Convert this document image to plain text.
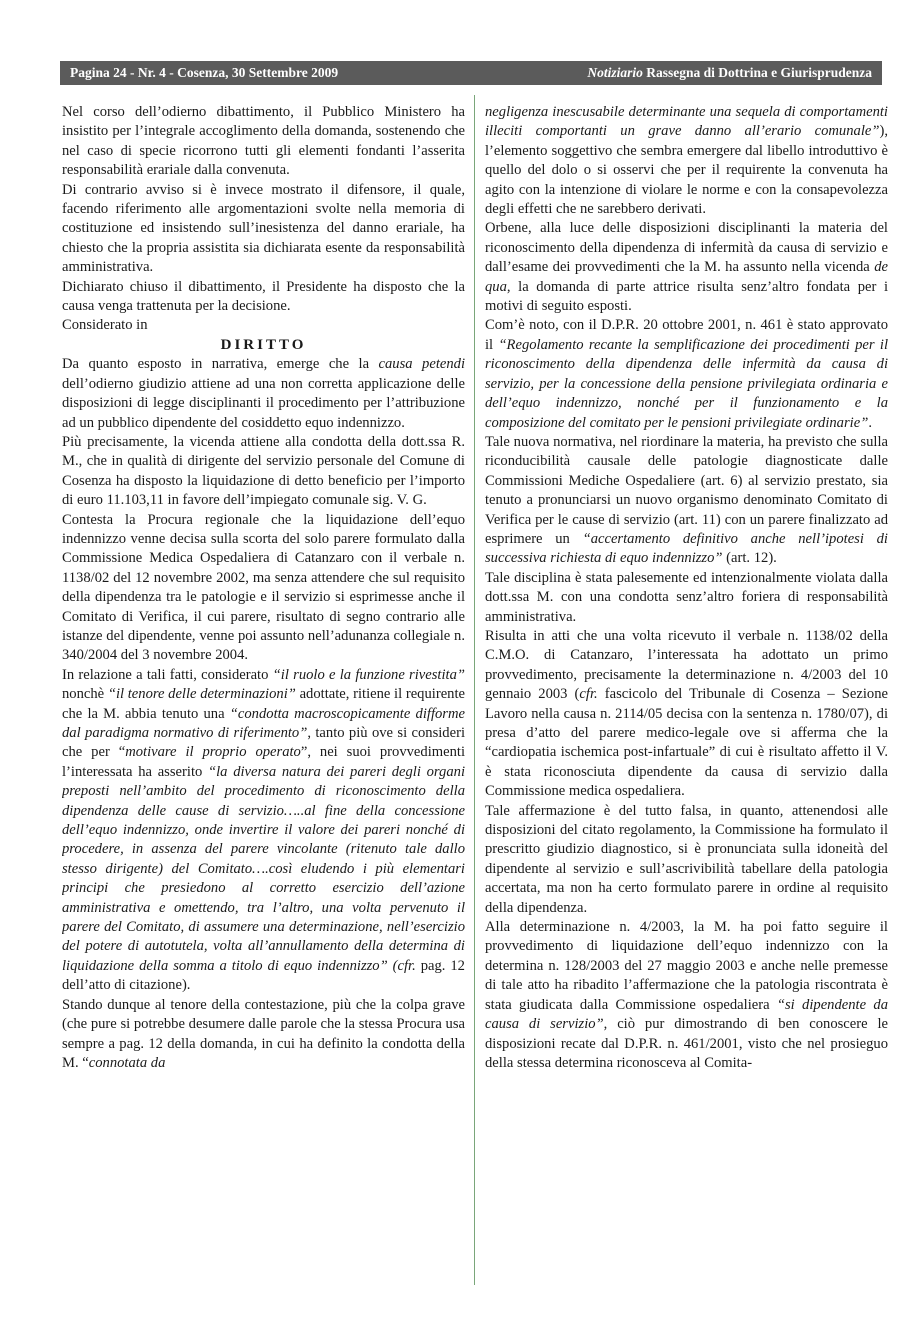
Pagina 24 - Nr. 4 - Cosenza, 30 Settembre 2009	Notiziario Rassegna di Dottrina e Giurisprudenza

Nel corso dell’odierno dibattimento, il Pubblico Ministero ha insistito per l’integrale accoglimento della domanda, sostenendo che nel caso di specie ricorrono tutti gli elementi fondanti l’asserita responsabilità erariale dalla convenuta.

Di contrario avviso si è invece mostrato il difensore, il quale, facendo riferimento alle argomentazioni svolte nella memoria di costituzione ed insistendo sull’inesistenza del danno erariale, ha chiesto che la propria assistita sia dichiarata esente da responsabilità amministrativa.

Dichiarato chiuso il dibattimento, il Presidente ha disposto che la causa venga trattenuta per la decisione.

Considerato in

DIRITTO

Da quanto esposto in narrativa, emerge che la causa petendi dell’odierno giudizio attiene ad una non corretta applicazione delle disposizioni di legge disciplinanti il procedimento per l’attribuzione ad un pubblico dipendente del cosiddetto equo indennizzo.

Più precisamente, la vicenda attiene alla condotta della dott.ssa R. M., che in qualità di dirigente del servizio personale del Comune di Cosenza ha disposto la liquidazione di detto beneficio per l’importo di euro 11.103,11 in favore dell’impiegato comunale sig. V. G.

Contesta la Procura regionale che la liquidazione dell’equo indennizzo venne decisa sulla scorta del solo parere formulato dalla Commissione Medica Ospedaliera di Catanzaro con il verbale n. 1138/02 del 12 novembre 2002, ma senza attendere che sul requisito della dipendenza tra le patologie e il servizio si esprimesse anche il Comitato di Verifica, il cui parere, risultato di segno contrario alle istanze del dipendente, venne poi assunto nell’adunanza collegiale n. 340/2004 del 3 novembre 2004.

In relazione a tali fatti, considerato “il ruolo e la funzione rivestita” nonchè “il tenore delle determinazioni” adottate, ritiene il requirente che la M. abbia tenuto una “condotta macroscopicamente difforme dal paradigma normativo di riferimento”, tanto più ove si consideri che per “motivare il proprio operato”, nei suoi provvedimenti l’interessata ha asserito “la diversa natura dei pareri degli organi preposti nell’ambito del procedimento di riconoscimento della dipendenza delle cause di servizio…..al fine della concessione dell’equo indennizzo, onde invertire il valore dei pareri nonché di procedere, in assenza del parere vincolante (ritenuto tale dallo stesso dirigente) del Comitato….così eludendo i più elementari principi che presiedono al corretto esercizio dell’azione amministrativa e omettendo, tra l’altro, una volta pervenuto il parere del Comitato, di assumere una determinazione, nell’esercizio del potere di autotutela, volta all’annullamento della determina di liquidazione della somma a titolo di equo indennizzo” (cfr. pag. 12 dell’atto di citazione).

Stando dunque al tenore della contestazione, più che la colpa grave (che pure si potrebbe desumere dalle parole che la stessa Procura usa sempre a pag. 12 della domanda, in cui ha definito la condotta della M. “connotata da

negligenza inescusabile determinante una sequela di comportamenti illeciti comportanti un grave danno all’erario comunale”), l’elemento soggettivo che sembra emergere dal libello introduttivo è quello del dolo o si osservi che per il requirente la convenuta ha agito con la intenzione di violare le norme e con la consapevolezza degli effetti che ne sarebbero derivati.

Orbene, alla luce delle disposizioni disciplinanti la materia del riconoscimento della dipendenza di infermità da causa di servizio e dall’esame dei provvedimenti che la M. ha assunto nella vicenda de qua, la domanda di parte attrice risulta senz’altro fondata per i motivi di seguito esposti.

Com’è noto, con il D.P.R. 20 ottobre 2001, n. 461 è stato approvato il “Regolamento recante la semplificazione dei procedimenti per il riconoscimento della dipendenza delle infermità da causa di servizio, per la concessione della pensione privilegiata ordinaria e dell’equo indennizzo, nonché per il funzionamento e la composizione del comitato per le pensioni privilegiate ordinarie”.

Tale nuova normativa, nel riordinare la materia, ha previsto che sulla riconducibilità causale delle patologie diagnosticate dalle Commissioni Mediche Ospedaliere (art. 6) al servizio prestato, sia tenuto a pronunciarsi un nuovo organismo denominato Comitato di Verifica per le cause di servizio (art. 11) con un parere finalizzato ad esprimere un “accertamento definitivo anche nell’ipotesi di successiva richiesta di equo indennizzo” (art. 12).

Tale disciplina è stata palesemente ed intenzionalmente violata dalla dott.ssa M. con una condotta senz’altro foriera di responsabilità amministrativa.

Risulta in atti che una volta ricevuto il verbale n. 1138/02 della C.M.O. di Catanzaro, l’interessata ha adottato un primo provvedimento, precisamente la determinazione n. 4/2003 del 10 gennaio 2003 (cfr. fascicolo del Tribunale di Cosenza – Sezione Lavoro nella causa n. 2114/05 decisa con la sentenza n. 1780/07), di presa d’atto del parere medico-legale ove si afferma che la “cardiopatia ischemica post-infartuale” di cui è risultato affetto il V. è stata riconosciuta dipendente da causa di servizio dalla Commissione medica ospedaliera.

Tale affermazione è del tutto falsa, in quanto, attenendosi alle disposizioni del citato regolamento, la Commissione ha formulato il prescritto giudizio diagnostico, si è pronunciata sulla idoneità del dipendente al servizio e sull’ascrivibilità tabellare della patologia accertata, ma non ha certo formulato parere in ordine al requisito della dipendenza.

Alla determinazione n. 4/2003, la M. ha poi fatto seguire il provvedimento di liquidazione dell’equo indennizzo con la determina n. 128/2003 del 27 maggio 2003 e anche nelle premesse di tale atto ha ribadito l’affermazione che la patologia riscontrata è stata giudicata dalla Commissione ospedaliera “si dipendente da causa di servizio”, ciò pur dimostrando di ben conoscere le disposizioni recate dal D.P.R. n. 461/2001, visto che nel prosieguo della stessa determina riconosceva al Comita-
